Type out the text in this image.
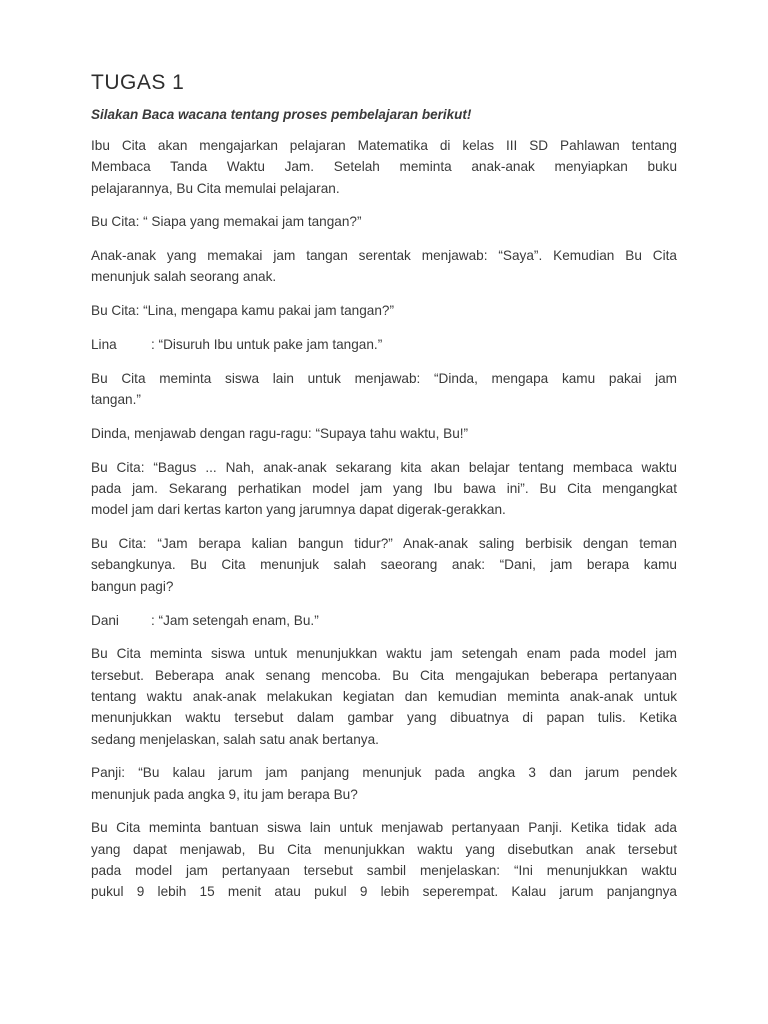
TUGAS 1

Silakan Baca wacana tentang proses pembelajaran berikut!

Ibu Cita akan mengajarkan pelajaran Matematika di kelas III SD Pahlawan tentang
Membaca Tanda Waktu Jam. Setelah meminta anak-anak menyiapkan buku
pelajarannya, Bu Cita memulai pelajaran.
Bu Cita: “ Siapa yang memakai jam tangan?”
Anak-anak yang memakai jam tangan serentak menjawab: “Saya”. Kemudian Bu Cita
menunjuk salah seorang anak.
Bu Cita: “Lina, mengapa kamu pakai jam tangan?”
Lina	: “Disuruh Ibu untuk pake jam tangan.”
Bu Cita meminta siswa lain untuk menjawab: “Dinda, mengapa kamu pakai jam
tangan.”
Dinda, menjawab dengan ragu-ragu: “Supaya tahu waktu, Bu!”
Bu Cita: “Bagus ... Nah, anak-anak sekarang kita akan belajar tentang membaca waktu
pada jam. Sekarang perhatikan model jam yang Ibu bawa ini”. Bu Cita mengangkat
model jam dari kertas karton yang jarumnya dapat digerak-gerakkan.
Bu Cita: “Jam berapa kalian bangun tidur?” Anak-anak saling berbisik dengan teman
sebangkunya. Bu Cita menunjuk salah saeorang anak: “Dani, jam berapa kamu
bangun pagi?
Dani	: “Jam setengah enam, Bu.”
Bu Cita meminta siswa untuk menunjukkan waktu jam setengah enam pada model jam
tersebut. Beberapa anak senang mencoba. Bu Cita mengajukan beberapa pertanyaan
tentang waktu anak-anak melakukan kegiatan dan kemudian meminta anak-anak untuk
menunjukkan waktu tersebut dalam gambar yang dibuatnya di papan tulis. Ketika
sedang menjelaskan, salah satu anak bertanya.
Panji: “Bu kalau jarum jam panjang menunjuk pada angka 3 dan jarum pendek
menunjuk pada angka 9, itu jam berapa Bu?
Bu Cita meminta bantuan siswa lain untuk menjawab pertanyaan Panji. Ketika tidak ada
yang dapat menjawab, Bu Cita menunjukkan waktu yang disebutkan anak tersebut
pada model jam pertanyaan tersebut sambil menjelaskan: “Ini menunjukkan waktu
pukul 9 lebih 15 menit atau pukul 9 lebih seperempat. Kalau jarum panjangnya
